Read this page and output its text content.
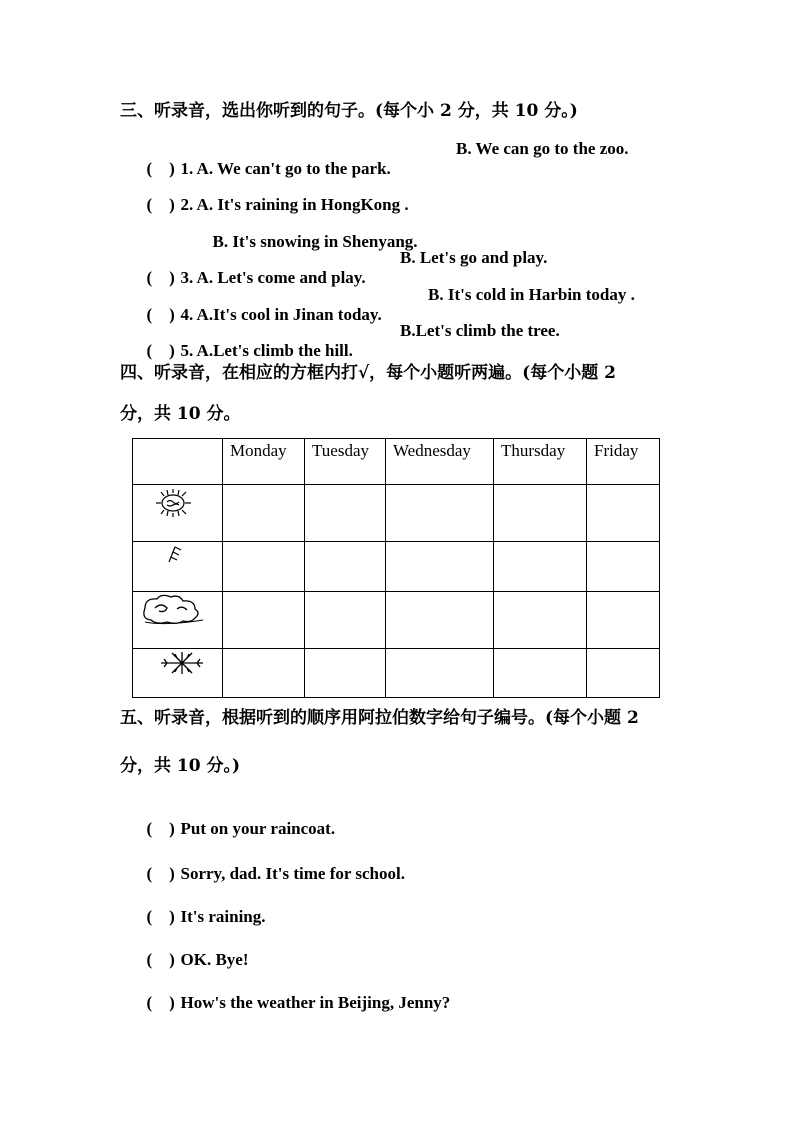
三、听录音，选出你听到的句子。(每个小 2 分，共 10 分。)

(    ) 1. A. We can't go to the park.

B. We can go to the zoo.

(    ) 2. A. It's raining in HongKong .

B. It's snowing in Shenyang.

(    ) 3. A. Let's come and play.

B. Let's go and play.

(    ) 4. A.It's cool in Jinan today.

B. It's cold in Harbin today .

(    ) 5. A.Let's climb the hill.

B.Let's climb the tree.

四、听录音，在相应的方框内打√，每个小题听两遍。(每个小题 2
分，共 10 分。
	Monday	Tuesday	Wednesday	Thursday	Friday

五、听录音，根据听到的顺序用阿拉伯数字给句子编号。(每个小题 2
分，共 10 分。)

(    ) Put on your raincoat.

(    ) Sorry, dad. It's time for school.

(    ) It's raining.

(    ) OK. Bye!

(    ) How's the weather in Beijing, Jenny?
